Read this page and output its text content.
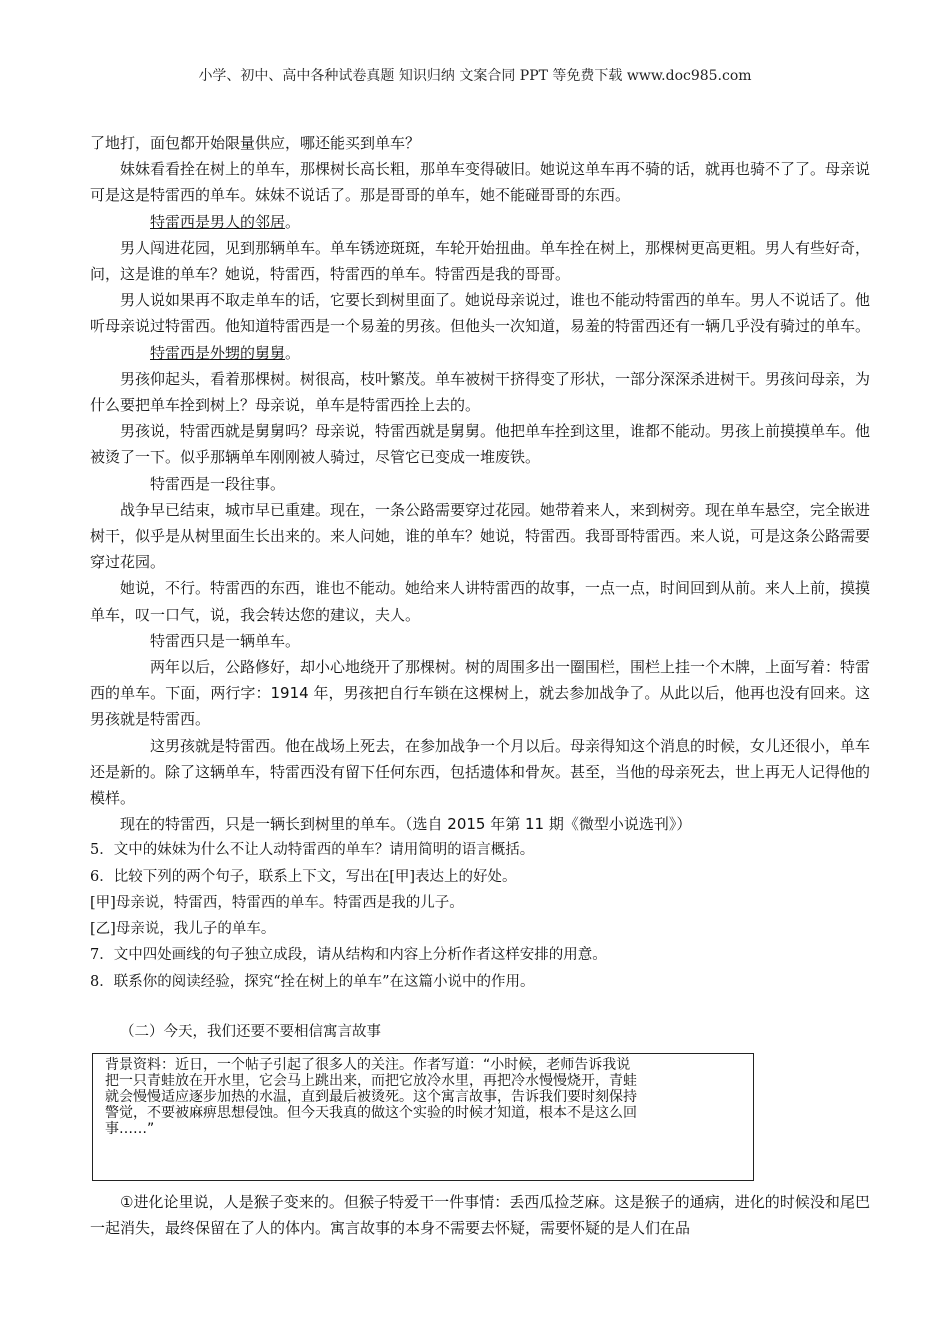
小学、初中、高中各种试卷真题 知识归纳 文案合同 PPT 等免费下载 www.doc985.com

了地打，面包都开始限量供应，哪还能买到单车？

妹妹看看拴在树上的单车，那棵树长高长粗，那单车变得破旧。她说这单车再不骑的话，就再也骑不了了。母亲说可是这是特雷西的单车。妹妹不说话了。那是哥哥的单车，她不能碰哥哥的东西。

特雷西是男人的邻居。

男人闯进花园，见到那辆单车。单车锈迹斑斑，车轮开始扭曲。单车拴在树上，那棵树更高更粗。男人有些好奇，问，这是谁的单车？她说，特雷西，特雷西的单车。特雷西是我的哥哥。

男人说如果再不取走单车的话，它要长到树里面了。她说母亲说过，谁也不能动特雷西的单车。男人不说话了。他听母亲说过特雷西。他知道特雷西是一个易羞的男孩。但他头一次知道，易羞的特雷西还有一辆几乎没有骑过的单车。

特雷西是外甥的舅舅。

男孩仰起头，看着那棵树。树很高，枝叶繁茂。单车被树干挤得变了形状，一部分深深杀进树干。男孩问母亲，为什么要把单车拴到树上？母亲说，单车是特雷西拴上去的。

男孩说，特雷西就是舅舅吗？母亲说，特雷西就是舅舅。他把单车拴到这里，谁都不能动。男孩上前摸摸单车。他被烫了一下。似乎那辆单车刚刚被人骑过，尽管它已变成一堆废铁。

特雷西是一段往事。

战争早已结束，城市早已重建。现在，一条公路需要穿过花园。她带着来人，来到树旁。现在单车悬空，完全嵌进树干，似乎是从树里面生长出来的。来人问她，谁的单车？她说，特雷西。我哥哥特雷西。来人说，可是这条公路需要穿过花园。

她说，不行。特雷西的东西，谁也不能动。她给来人讲特雷西的故事，一点一点，时间回到从前。来人上前，摸摸单车，叹一口气，说，我会转达您的建议，夫人。

特雷西只是一辆单车。

两年以后，公路修好，却小心地绕开了那棵树。树的周围多出一圈围栏，围栏上挂一个木牌，上面写着：特雷西的单车。下面，两行字：1914 年，男孩把自行车锁在这棵树上，就去参加战争了。从此以后，他再也没有回来。这男孩就是特雷西。

这男孩就是特雷西。他在战场上死去，在参加战争一个月以后。母亲得知这个消息的时候，女儿还很小，单车还是新的。除了这辆单车，特雷西没有留下任何东西，包括遗体和骨灰。甚至，当他的母亲死去，世上再无人记得他的模样。

现在的特雷西，只是一辆长到树里的单车。（选自 2015 年第 11 期《微型小说选刊》）

5．文中的妹妹为什么不让人动特雷西的单车？请用简明的语言概括。

6．比较下列的两个句子，联系上下文，写出在[甲]表达上的好处。

[甲]母亲说，特雷西，特雷西的单车。特雷西是我的儿子。

[乙]母亲说，我儿子的单车。

7．文中四处画线的句子独立成段，请从结构和内容上分析作者这样安排的用意。

8．联系你的阅读经验，探究“拴在树上的单车”在这篇小说中的作用。

（二）今天，我们还要不要相信寓言故事

背景资料：近日，一个帖子引起了很多人的关注。作者写道：“小时候，老师告诉我说
把一只青蛙放在开水里，它会马上跳出来，而把它放冷水里，再把冷水慢慢烧开，青蛙
就会慢慢适应逐步加热的水温，直到最后被烫死。这个寓言故事，告诉我们要时刻保持
警觉，不要被麻痹思想侵蚀。但今天我真的做这个实验的时候才知道，根本不是这么回
事……”

①进化论里说，人是猴子变来的。但猴子特爱干一件事情：丢西瓜捡芝麻。这是猴子的通病，进化的时候没和尾巴一起消失，最终保留在了人的体内。寓言故事的本身不需要去怀疑，需要怀疑的是人们在品
